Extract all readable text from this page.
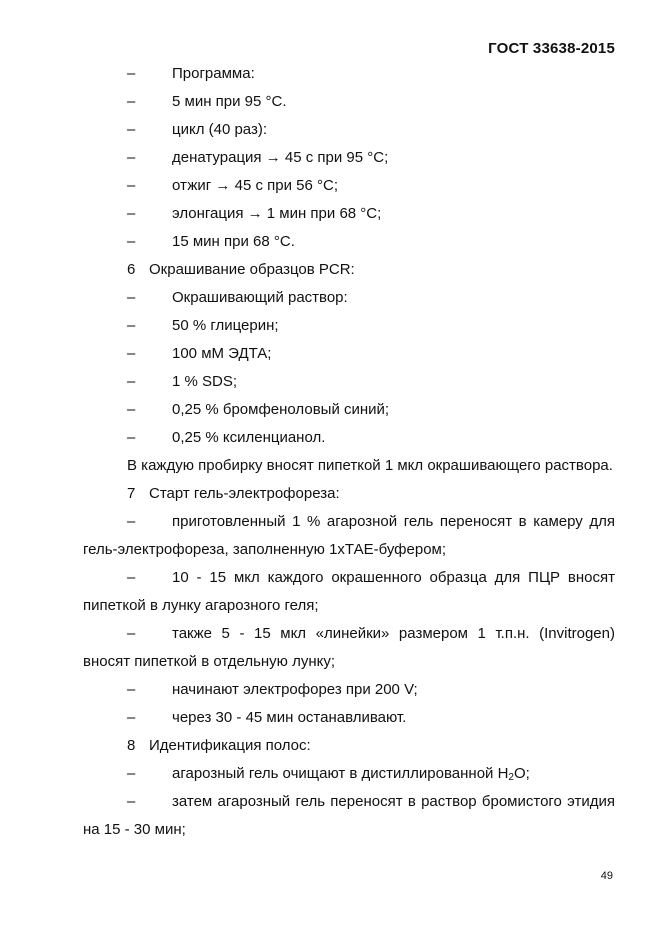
ГОСТ 33638-2015
–	Программа:
–	5 мин при 95 °С.
–	цикл (40 раз):
–	денатурация → 45 с при 95 °С;
–	отжиг → 45 с при 56 °С;
–	элонгация → 1 мин при 68 °С;
–	15 мин при 68 °С.
6 Окрашивание образцов PCR:
–	Окрашивающий раствор:
–	50 % глицерин;
–	100 мМ ЭДТА;
–	1 % SDS;
–	0,25 % бромфеноловый синий;
–	0,25 % ксиленцианол.
В каждую пробирку вносят пипеткой 1 мкл окрашивающего раствора.
7 Старт гель-электрофореза:
– приготовленный 1 % агарозной гель переносят в камеру для гель-электрофореза, заполненную 1хТАЕ-буфером;
– 10 - 15 мкл каждого окрашенного образца для ПЦР вносят пипеткой в лунку агарозного геля;
– также 5 - 15 мкл «линейки» размером 1 т.п.н. (Invitrogen) вносят пипеткой в отдельную лунку;
–	начинают электрофорез при 200 V;
–	через 30 - 45 мин останавливают.
8 Идентификация полос:
–	агарозный гель очищают в дистиллированной $H_2O$;
– затем агарозный гель переносят в раствор бромистого этидия на 15 - 30 мин;
49
